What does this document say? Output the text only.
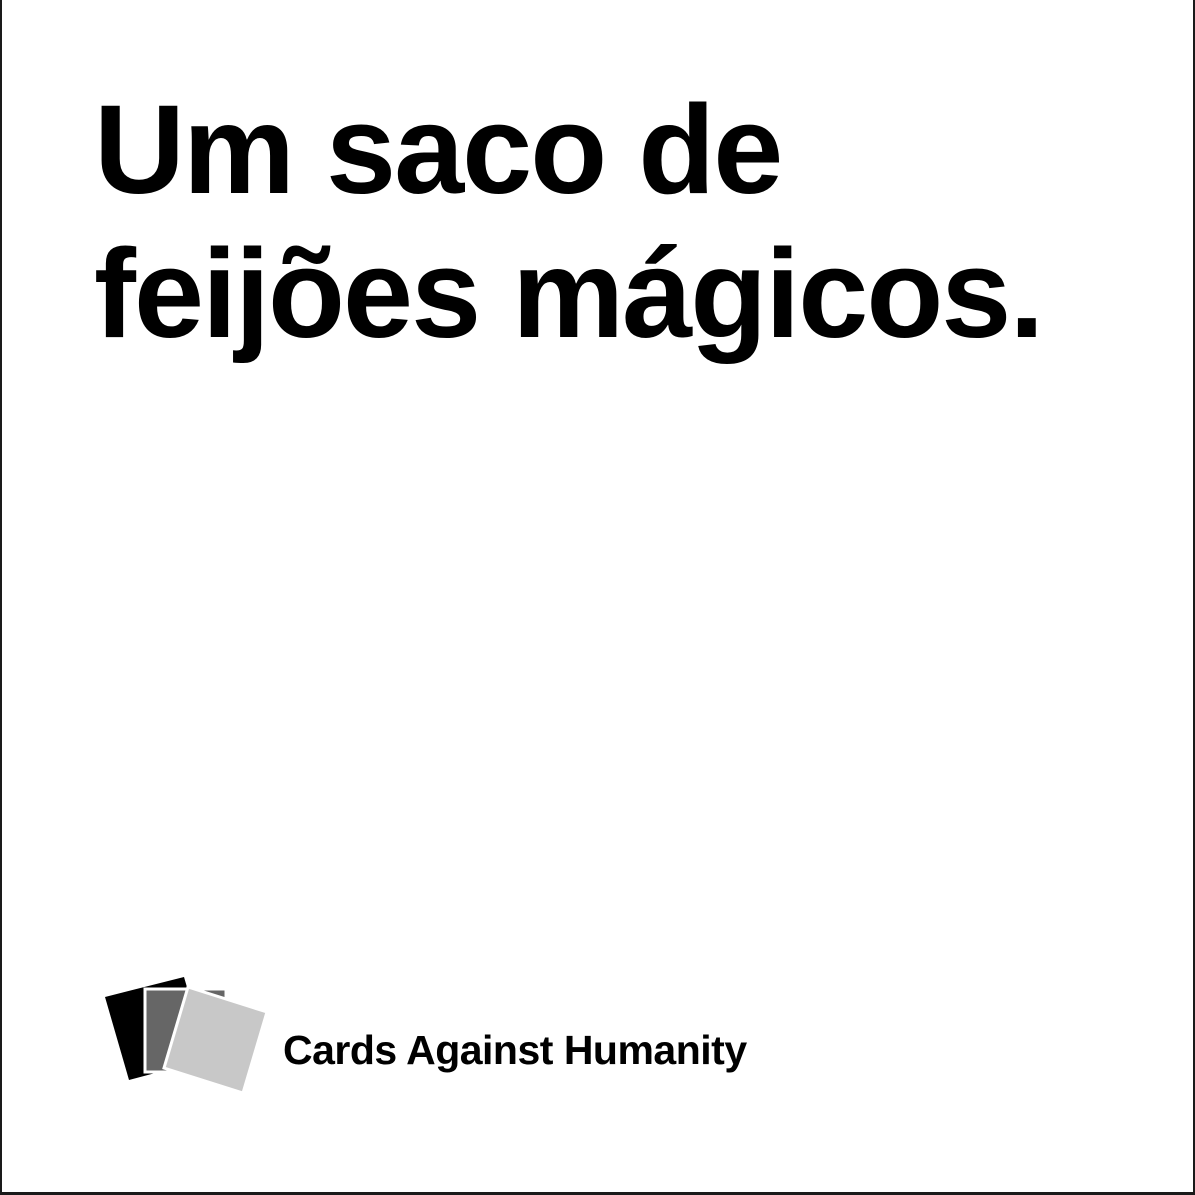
Um saco de
feijões mágicos.
Cards Against Humanity
